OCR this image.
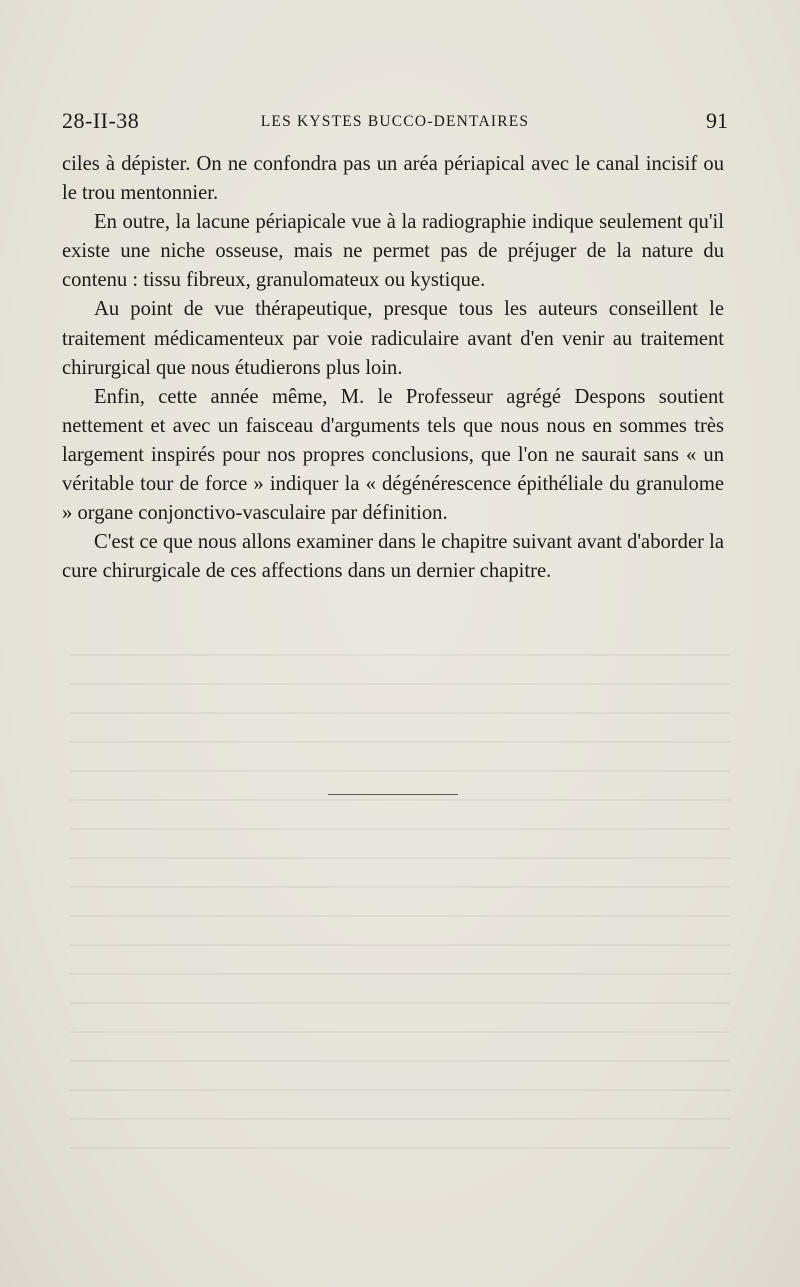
28-II-38	LES KYSTES BUCCO-DENTAIRES	91

ciles à dépister. On ne confondra pas un aréa périapical avec le canal incisif ou le trou mentonnier.

En outre, la lacune périapicale vue à la radiographie indique seulement qu'il existe une niche osseuse, mais ne permet pas de préjuger de la nature du contenu : tissu fibreux, granulomateux ou kystique.

Au point de vue thérapeutique, presque tous les auteurs conseillent le traitement médicamenteux par voie radiculaire avant d'en venir au traitement chirurgical que nous étudierons plus loin.

Enfin, cette année même, M. le Professeur agrégé Despons soutient nettement et avec un faisceau d'arguments tels que nous nous en sommes très largement inspirés pour nos propres conclusions, que l'on ne saurait sans « un véritable tour de force » indiquer la « dégénérescence épithéliale du granulome » organe conjonctivo-vasculaire par définition.

C'est ce que nous allons examiner dans le chapitre suivant avant d'aborder la cure chirurgicale de ces affections dans un dernier chapitre.
